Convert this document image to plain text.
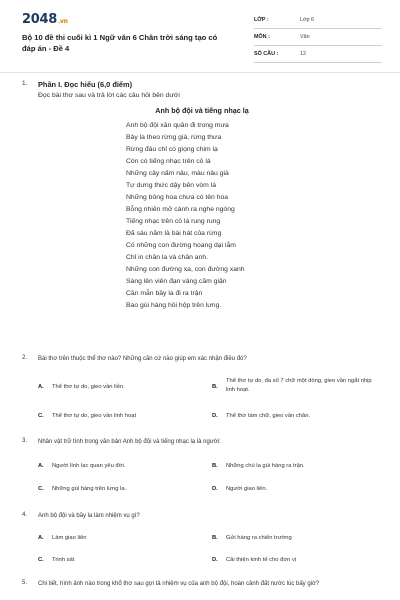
2048.vn
Bộ 10 đề thi cuối kì 1 Ngữ văn 6 Chân trời sáng tạo có đáp án - Đề 4
LỚP :	Lớp 6
MÔN :	Văn
SỐ CÂU :	12
1. Phần I. Đọc hiểu (6,0 điểm)
Đọc bài thơ sau và trả lời các câu hỏi bên dưới
Anh bộ đội và tiếng nhạc lạ
Anh bộ đội xăn quần đi trong mưa
Bảy la theo rừng già, rừng thưa
Rừng đâu chỉ có giọng chim lạ
Còn có tiếng nhạc trên cỏ lá
Những cây nấm nâu, màu nâu già
Tự dưng thức dậy bên vòm lá
Những bông hoa chưa có tên hoa
Bỗng nhiên mở cánh ra nghe ngóng
Tiếng nhạc trên cỏ lá rung rung
Đã sáu năm là bài hát của rừng
Có những con đường hoang dại lắm
Chỉ in chân la và chân anh.
Những con đường xa, con đường xanh
Sáng lên viên đạn vàng căm giận
Cần mẫn bầy la đi ra trận
Bao gùi hàng hồi hộp trên lưng.
2. Bài thơ trên thuộc thể thơ nào? Những căn cứ nào giúp em xác nhận điều đó?
A. Thể thơ tự do, gieo vần liền.	B.
Thể thơ tự do, đa số 7 chữ một dòng, gieo vần ngắt nhịp linh hoạt.
C. Thể thơ tự do, gieo vần linh hoạt	D. Thể thơ tám chữ, gieo vần chân.
3. Nhân vật trữ tình trong văn bản Anh bộ đội và tiếng nhạc lạ là người:
A. Người lính lạc quan yêu đời.	B. Những chú la gùi hàng ra trận.
C. Những gùi hàng trên lưng la.	D. Người giao liên.
4. Anh bộ đội và bầy la làm nhiệm vụ gì?
A. Làm giao liên	B. Gửi hàng ra chiến trường
C. Trinh sát	D. Cải thiện kinh tế cho đơn vị
5. Chi tiết, hình ảnh nào trong khổ thơ sau gợi tả nhiệm vụ của anh bộ đội, hoàn cảnh đất nước lúc bấy giờ?
